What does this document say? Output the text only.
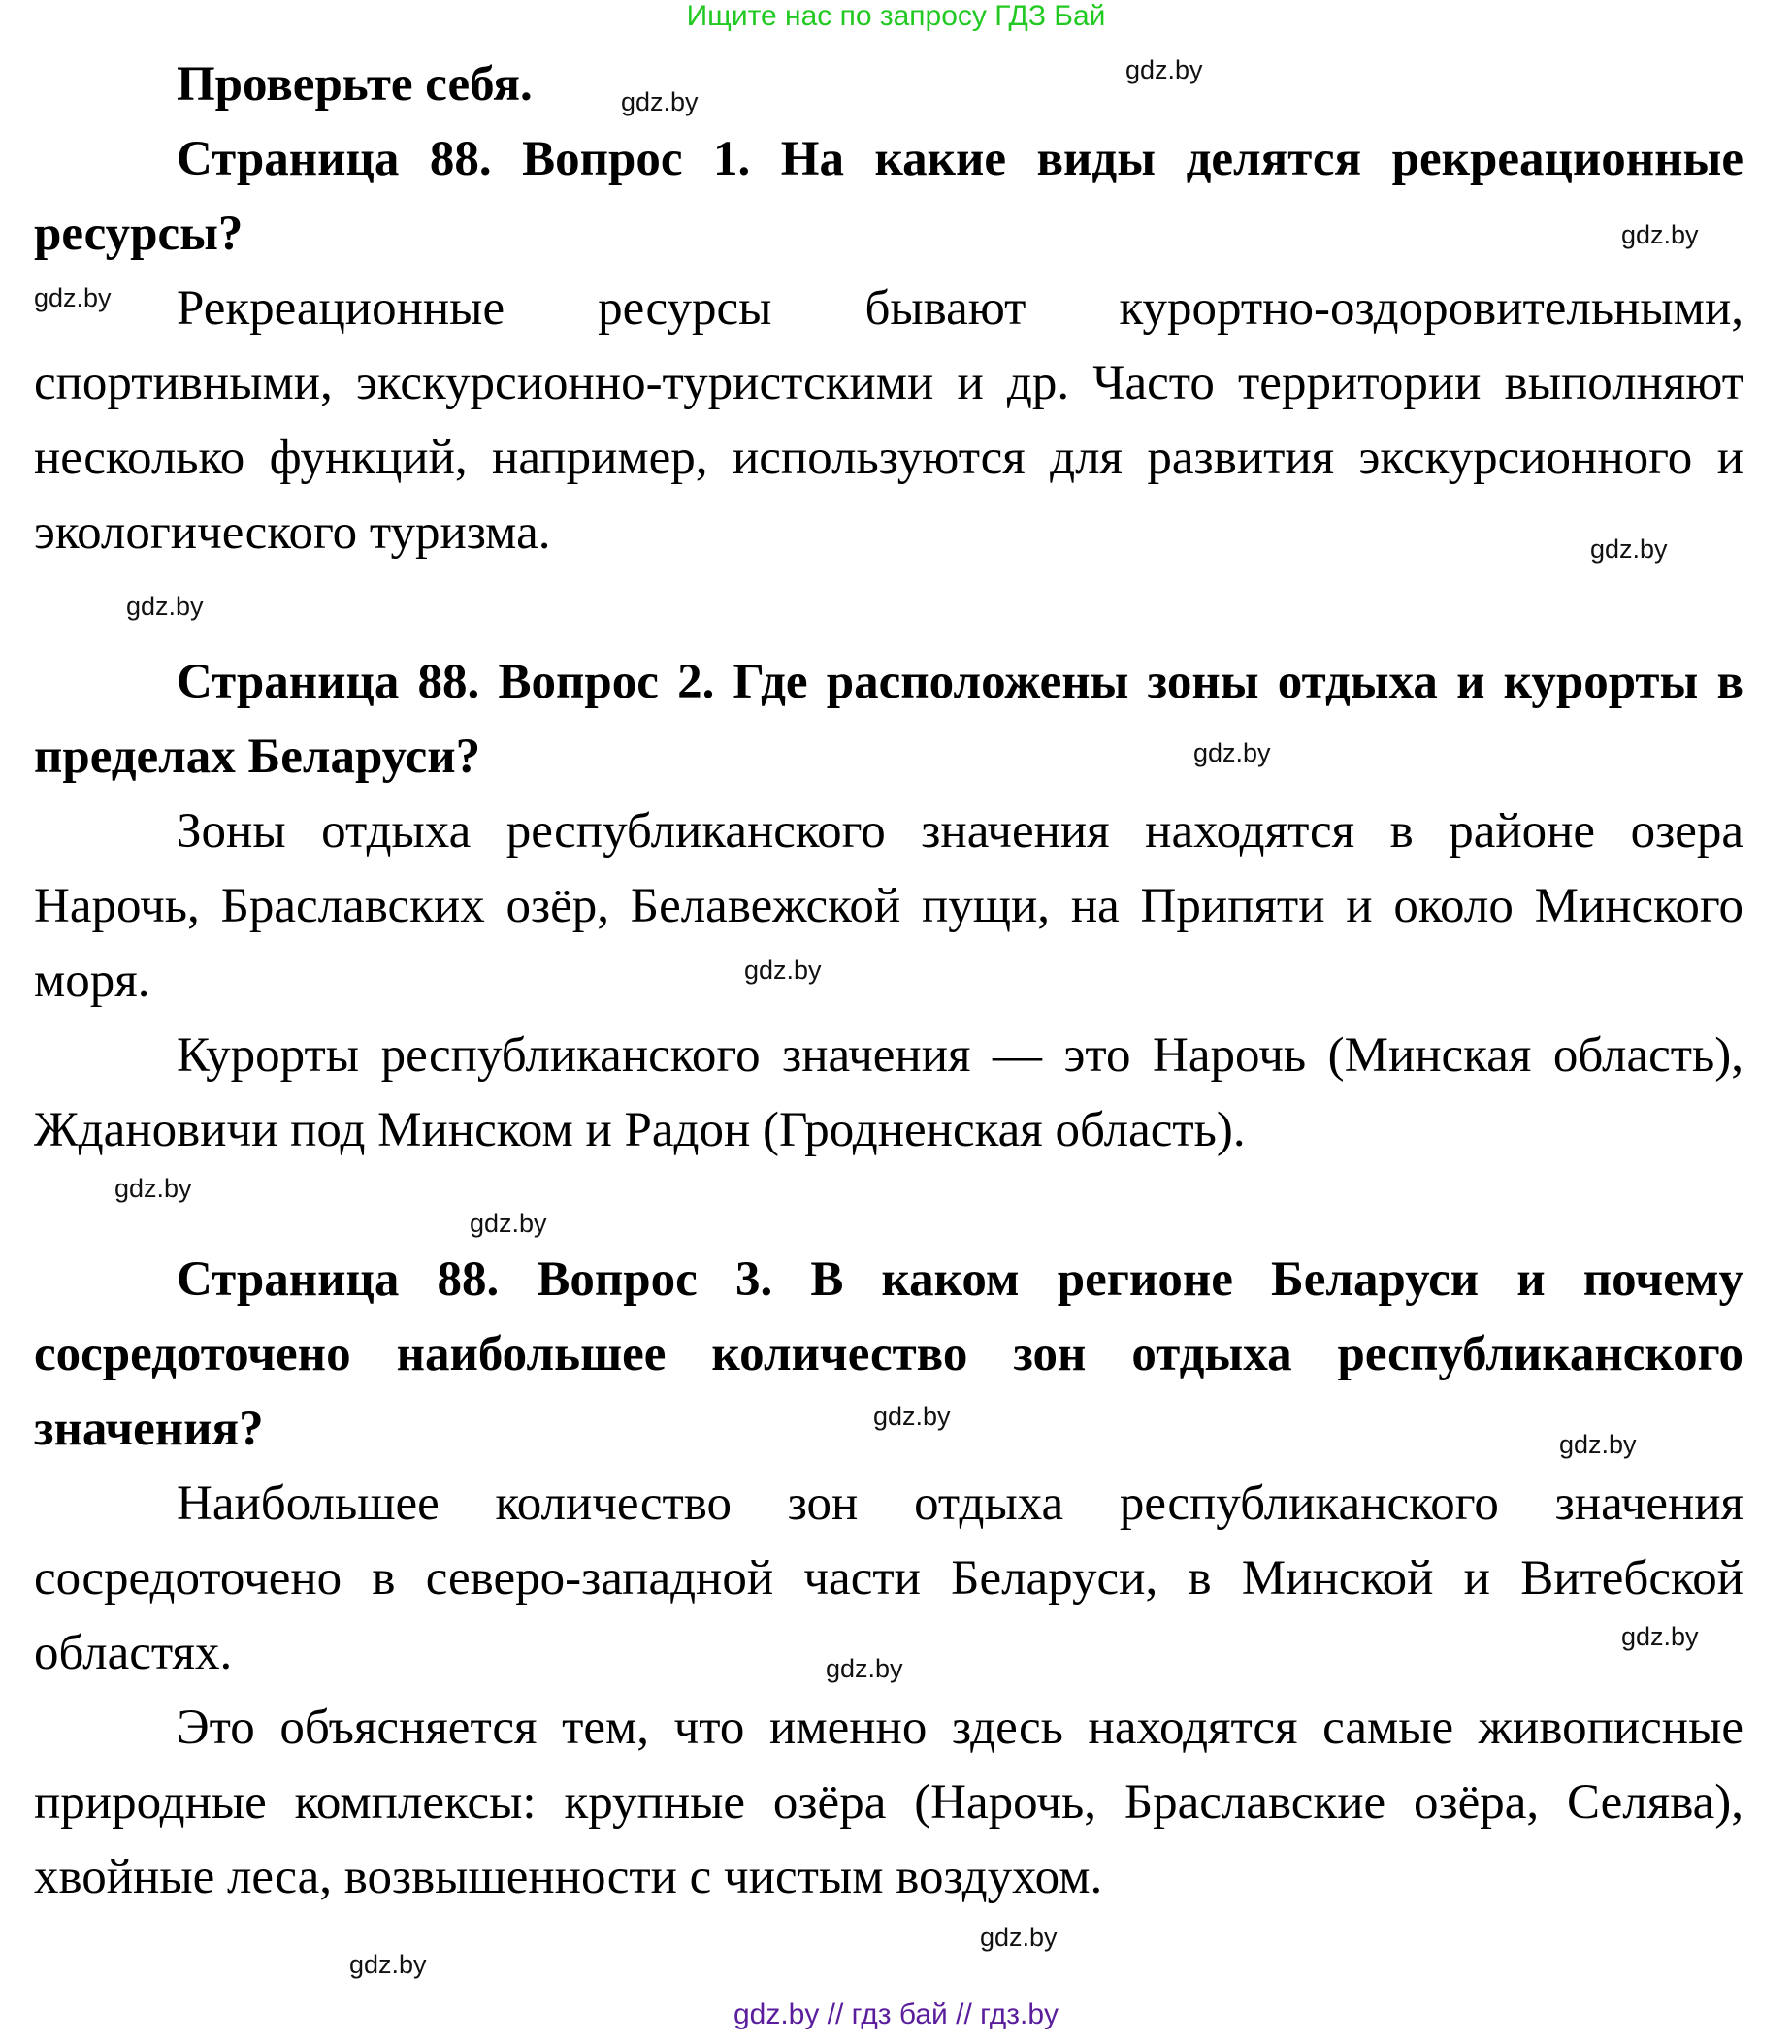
Ищите нас по запросу ГДЗ Бай

Проверьте себя.

Страница 88. Вопрос 1. На какие виды делятся рекреационные ресурсы?

Рекреационные ресурсы бывают курортно-оздоровительными, спортивными, экскурсионно-туристскими и др. Часто территории выполняют несколько функций, например, используются для развития экскурсионного и экологического туризма.

Страница 88. Вопрос 2. Где расположены зоны отдыха и курорты в пределах Беларуси?

Зоны отдыха республиканского значения находятся в районе озера Нарочь, Браславских озёр, Белавежской пущи, на Припяти и около Минского моря.

Курорты республиканского значения — это Нарочь (Минская область), Ждановичи под Минском и Радон (Гродненская область).

Страница 88. Вопрос 3. В каком регионе Беларуси и почему сосредоточено наибольшее количество зон отдыха республиканского значения?

Наибольшее количество зон отдыха республиканского значения сосредоточено в северо-западной части Беларуси, в Минской и Витебской областях.

Это объясняется тем, что именно здесь находятся самые живописные природные комплексы: крупные озёра (Нарочь, Браславские озёра, Селява), хвойные леса, возвышенности с чистым воздухом.

gdz.by
gdz.by
gdz.by
gdz.by
gdz.by
gdz.by
gdz.by
gdz.by
gdz.by
gdz.by
gdz.by
gdz.by
gdz.by
gdz.by
gdz.by
gdz.by
gdz.by // гдз бай // гдз.by
